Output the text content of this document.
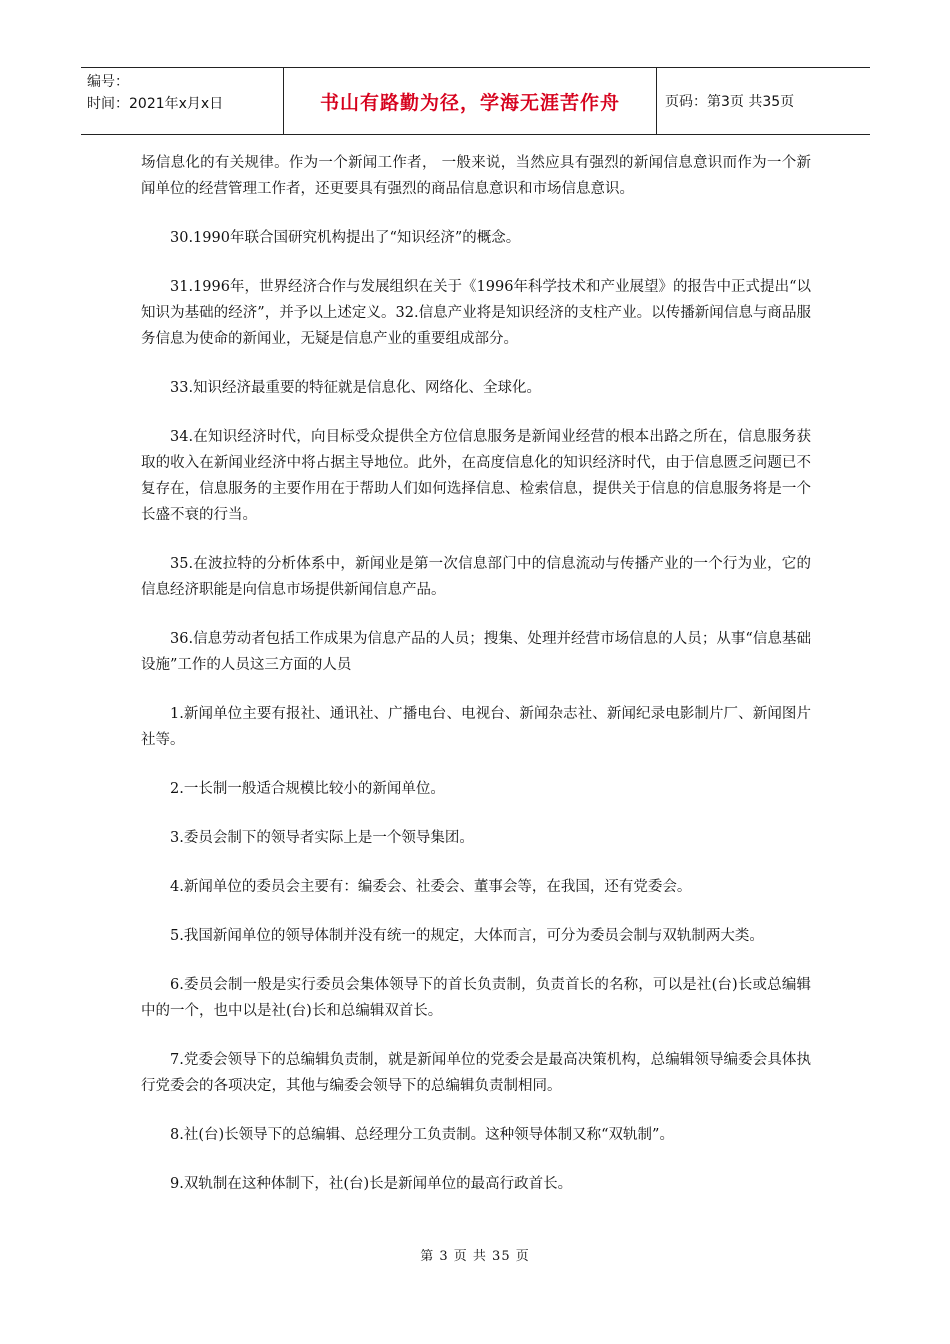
编号：
时间：2021年x月x日	书山有路勤为径，学海无涯苦作舟	页码：第3页 共35页

场信息化的有关规律。作为一个新闻工作者， 一般来说，当然应具有强烈的新闻信息意识而作为一个新闻单位的经营管理工作者，还更要具有强烈的商品信息意识和市场信息意识。

30.1990年联合国研究机构提出了“知识经济”的概念。

31.1996年，世界经济合作与发展组织在关于《1996年科学技术和产业展望》的报告中正式提出“以知识为基础的经济”，并予以上述定义。32.信息产业将是知识经济的支柱产业。以传播新闻信息与商品服务信息为使命的新闻业，无疑是信息产业的重要组成部分。

33.知识经济最重要的特征就是信息化、网络化、全球化。

34.在知识经济时代，向目标受众提供全方位信息服务是新闻业经营的根本出路之所在，信息服务获取的收入在新闻业经济中将占据主导地位。此外，在高度信息化的知识经济时代，由于信息匮乏问题已不复存在，信息服务的主要作用在于帮助人们如何选择信息、检索信息，提供关于信息的信息服务将是一个长盛不衰的行当。

35.在波拉特的分析体系中，新闻业是第一次信息部门中的信息流动与传播产业的一个行为业，它的信息经济职能是向信息市场提供新闻信息产品。

36.信息劳动者包括工作成果为信息产品的人员；搜集、处理并经营市场信息的人员；从事“信息基础设施”工作的人员这三方面的人员

1.新闻单位主要有报社、通讯社、广播电台、电视台、新闻杂志社、新闻纪录电影制片厂、新闻图片社等。

2.一长制一般适合规模比较小的新闻单位。

3.委员会制下的领导者实际上是一个领导集团。

4.新闻单位的委员会主要有：编委会、社委会、董事会等，在我国，还有党委会。

5.我国新闻单位的领导体制并没有统一的规定，大体而言，可分为委员会制与双轨制两大类。

6.委员会制一般是实行委员会集体领导下的首长负责制，负责首长的名称，可以是社(台)长或总编辑中的一个，也中以是社(台)长和总编辑双首长。

7.党委会领导下的总编辑负责制，就是新闻单位的党委会是最高决策机构，总编辑领导编委会具体执行党委会的各项决定，其他与编委会领导下的总编辑负责制相同。

8.社(台)长领导下的总编辑、总经理分工负责制。这种领导体制又称“双轨制”。

9.双轨制在这种体制下，社(台)长是新闻单位的最高行政首长。

第 3 页 共 35 页
